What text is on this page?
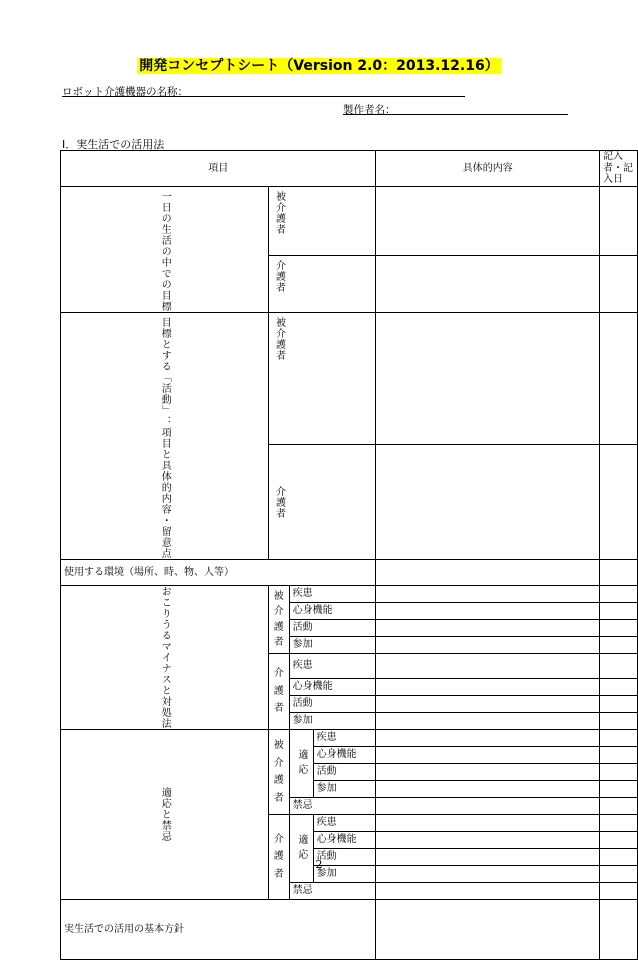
開発コンセプトシート（Version 2.0：2013.12.16）
ロボット介護機器の名称：
製作者名：
Ⅰ．実生活での活用法
項目				具体的内容	記入者・記入日

一日の生活の中での目標	被介護者				

	介護者				

目標とする「活動」：項目と具体的内容・留意点	被介護者				

	介護者				

使用する環境（場所、時、物、人等）					

おこりうるマイナスと対処法	被
介
護
者	疾患			
		心身機能			
		活動			
		参加			

	介
護
者	疾患			
		心身機能			
		活動			
		参加			

適応と禁忌	被
介
護
者	適応	疾患		
			心身機能		
			活動		
			参加		
		禁忌			

	介
護
者	適応	疾患		
			心身機能		
			活動		
			参加		
		禁忌			
実生活での活用の基本方針					
2
